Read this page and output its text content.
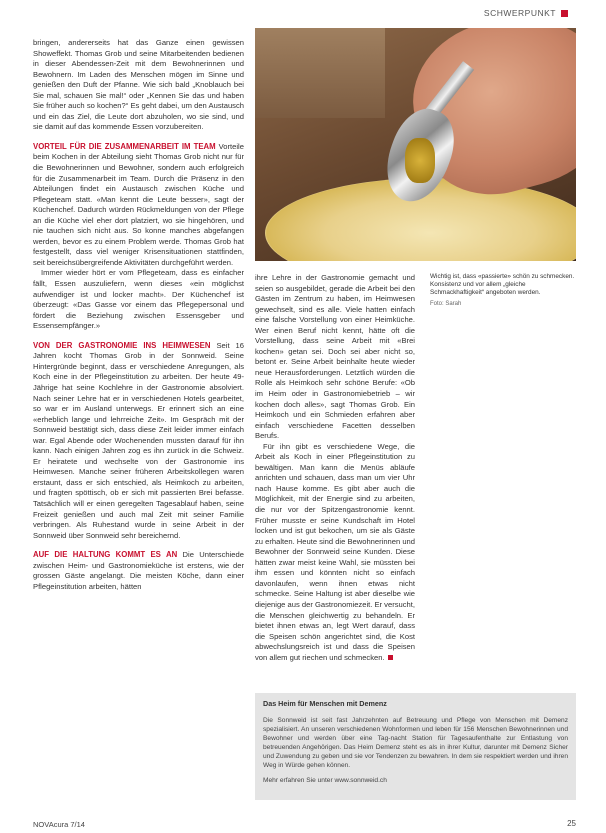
SCHWERPUNKT

bringen, andererseits hat das Ganze einen gewissen Showeffekt. Thomas Grob und seine Mitarbeitenden bedienen in dieser Abendessen-Zeit mit dem Bewohnerinnen und Bewohnern. Im Laden des Menschen mögen im Sinne und genießen den Duft der Pfanne. Wie sich bald „Knoblauch bei Sie mal, schauen Sie mal!“ oder „Kennen Sie das und haben Sie früher auch so kochen?“ Es geht dabei, um den Austausch und ein das Ziel, die Leute dort abzuholen, wo sie sind, und sie damit auf das kommende Essen vorzubereiten.

VORTEIL FÜR DIE ZUSAMMENARBEIT IM TEAM Vorteile beim Kochen in der Abteilung sieht Thomas Grob nicht nur für die Bewohnerinnen und Bewohner, sondern auch erfolgreich für die Zusammenarbeit im Team. Durch die Präsenz in den Abteilungen findet ein Austausch zwischen Küche und Pflegeteam statt. «Man kennt die Leute besser», sagt der Küchenchef. Dadurch würden Rückmeldungen von der Pflege an die Küche viel eher dort platziert, wo sie hingehören, und nie tauchen sich nicht aus. So konne manches abgefangen werden, bevor es zu einem Problem werde. Thomas Grob hat festgestellt, dass viel weniger Krisensituationen stattfinden, seit bereichsübergreifende Aktivitäten durchgeführt werden.

Immer wieder hört er vom Pflegeteam, dass es einfacher fällt, Essen auszuliefern, wenn dieses «ein möglichst aufwendiger ist und locker macht». Der Küchenchef ist überzeugt: «Das Gasse vor einem das Pflegepersonal und fördert die Beziehung zwischen Essensgeber und Essensempfänger.»

VON DER GASTRONOMIE INS HEIMWESEN Seit 16 Jahren kocht Thomas Grob in der Sonnweid. Seine Hintergründe beginnt, dass er verschiedene Anregungen, als Koch eine in der Pflegeinstitution zu arbeiten. Der heute 49-Jährige hat seine Kochlehre in der Gastronomie absolviert. Nach seiner Lehre hat er in verschiedenen Hotels gearbeitet, so war er im Ausland unterwegs. Er erinnert sich an eine «erheblich lange und lehrreiche Zeit». Im Gespräch mit der Sonnweid bestätigt sich, dass diese Zeit leider immer einfach war. Egal Abende oder Wochenenden mussten darauf für ihn kann. Nach einigen Jahren zog es ihn zurück in die Schweiz. Er heiratete und wechselte von der Gastronomie ins Heimwesen. Manche seiner früheren Arbeitskollegen waren erstaunt, dass er sich entschied, als Heimkoch zu arbeiten, und fragten spöttisch, ob er sich mit passierten Brei befasse. Tatsächlich will er einen geregelten Tagesablauf haben, seine Freizeit genießen und auch mal Zeit mit seiner Familie verbringen. Als Ruhestand wurde in seine Arbeit in der Sonnweid über Sonnweid sehr bereichernd.
AUF DIE HALTUNG KOMMT ES AN Die Unterschiede zwischen Heim- und Gastronomieküche ist erstens, wie der grossen Gäste angelangt. Die meisten Köche, dann einer Pflegeinstitution arbeiten, hätten
Wichtig ist, dass «passierte» schön zu schmecken. Konsistenz und vor allem „gleiche Schmackhaftigkeit“ angeboten werden.
Foto: Sarah

ihre Lehre in der Gastronomie gemacht und seien so ausgebildet, gerade die Arbeit bei den Gästen im Zentrum zu haben, im Heimwesen gewechselt, sind es alle. Viele hatten einfach eine falsche Vorstellung von einer Heimküche. Wer einen Beruf nicht kennt, hätte oft die Vorstellung, dass seine Arbeit mit «Brei kochen» getan sei. Doch sei aber nicht so, betont er. Seine Arbeit beinhalte heute wieder neue Herausforderungen. Letztlich würden die Rolle als Heimkoch sehr schöne Berufe: «Ob im Heim oder in Gastronomiebetrieb – wir kochen doch alles», sagt Thomas Grob. Ein Heimkoch und ein Schmieden erfahren aber einfach verschiedene Facetten desselben Berufs.

Für ihn gibt es verschiedene Wege, die Arbeit als Koch in einer Pflegeinstitution zu bewältigen. Man kann die Menüs abläufe anrichten und schauen, dass man um vier Uhr nach Hause komme. Es gibt aber auch die Möglichkeit, mit der Energie sind zu arbeiten, die nur vor der Spitzengastronomie kennt. Früher musste er seine Kundschaft im Hotel locken und ist gut bekochen, um sie als Gäste zu erhalten. Heute sind die Bewohnerinnen und Bewohner der Sonnweid seine Kunden. Diese hätten zwar meist keine Wahl, sie müssten bei ihm essen und könnten nicht so einfach davonlaufen, wenn ihnen etwas nicht schmecke. Seine Haltung ist aber dieselbe wie diejenige aus der Gastronomiezeit. Er versucht, die Menschen gleichwertig zu behandeln. Er bietet ihnen etwas an, legt Wert darauf, dass die Speisen schön angerichtet sind, die Kost abwechslungsreich ist und dass die Speisen von allem gut riechen und schmecken.

Das Heim für Menschen mit Demenz
Die Sonnweid ist seit fast Jahrzehnten auf Betreuung und Pflege von Menschen mit Demenz spezialisiert. An unseren verschiedenen Wohnformen und leben für 156 Menschen Bewohnerinnen und Bewohner und werden über eine Tag-nacht Station für Tagesaufenthalte zur Entlastung von betreuenden Angehörigen. Das Heim Demenz steht es als in ihrer Kultur, darunter mit Demenz Sicher und Zuwendung zu geben und sie vor Tendenzen zu bewahren. In dem sie respektiert werden und ihren Weg in Würde gehen können.
Mehr erfahren Sie unter www.sonnweid.ch
NOVAcura 7/14	25
